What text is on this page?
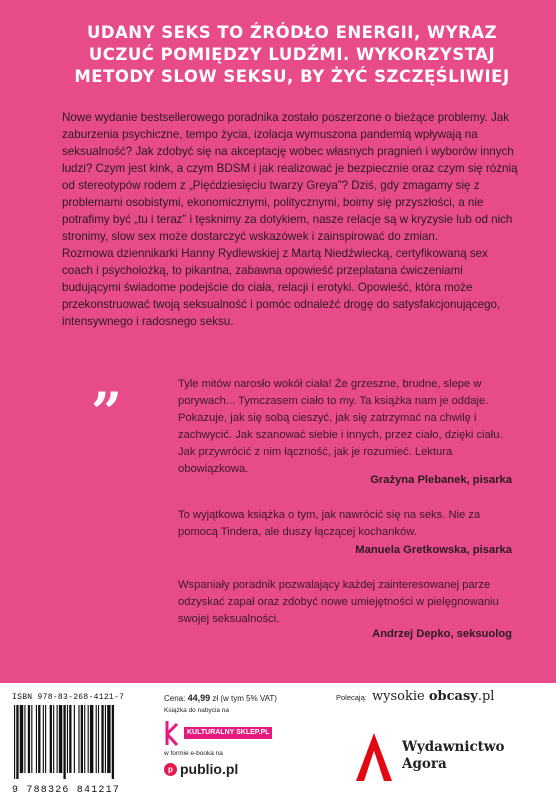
UDANY SEKS TO ŹRÓDŁO ENERGII, WYRAZ UCZUĆ POMIĘDZY LUDŹMI. WYKORZYSTAJ METODY SLOW SEKSU, BY ŻYĆ SZCZĘŚLIWIEJ

Nowe wydanie bestsellerowego poradnika zostało poszerzone o bieżące problemy. Jak zaburzenia psychiczne, tempo życia, izolacja wymuszona pandemią wpływają na seksualność? Jak zdobyć się na akceptację wobec własnych pragnień i wyborów innych ludzi? Czym jest kink, a czym BDSM i jak realizować je bezpiecznie oraz czym się różnią od stereotypów rodem z „Pięćdziesięciu twarzy Greya”? Dziś, gdy zmagamy się z problemami osobistymi, ekonomicznymi, politycznymi, boimy się przyszłości, a nie potrafimy być „tu i teraz” i tęsknimy za dotykiem, nasze relacje są w kryzysie lub od nich stronimy, slow sex może dostarczyć wskazówek i zainspirować do zmian.

Rozmowa dziennikarki Hanny Rydlewskiej z Martą Niedźwiecką, certyfikowaną sex coach i psycholożką, to pikantna, zabawna opowieść przeplatana ćwiczeniami budującymi świadome podejście do ciała, relacji i erotyki. Opowieść, która może przekonstruować twoją seksualność i pomóc odnaleźć drogę do satysfakcjonującego, intensywnego i radosnego seksu.

„	Tyle mitów narosło wokół ciała! Że grzeszne, brudne, slepe w porywach... Tymczasem ciało to my. Ta książka nam je oddaje. Pokazuje, jak się sobą cieszyć, jak się zatrzymać na chwilę i zachwycić. Jak szanować siebie i innych, przez ciało, dzięki ciału. Jak przywrócić z nim łączność, jak je rozumieć. Lektura obowiązkowa.

Grażyna Plebanek, pisarka

To wyjątkowa książka o tym, jak nawrócić się na seks. Nie za pomocą Tindera, ale duszy łączącej kochanków.

Manuela Gretkowska, pisarka

Wspaniały poradnik pozwalający każdej zainteresowanej parze odzyskać zapał oraz zdobyć nowe umiejętności w pielęgnowaniu swojej seksualności.

Andrzej Depko, seksuolog
ISBN 978-83-268-4121-7
9 788326 841217
Cena: 44,99 zł (w tym 5% VAT)
Książka do nabycia na
KULTURALNY SKLEP.PL
w formie e-booka na
p publio.pl
Polecają: wysokie obcasy.pl
Wydawnictwo
Agora
